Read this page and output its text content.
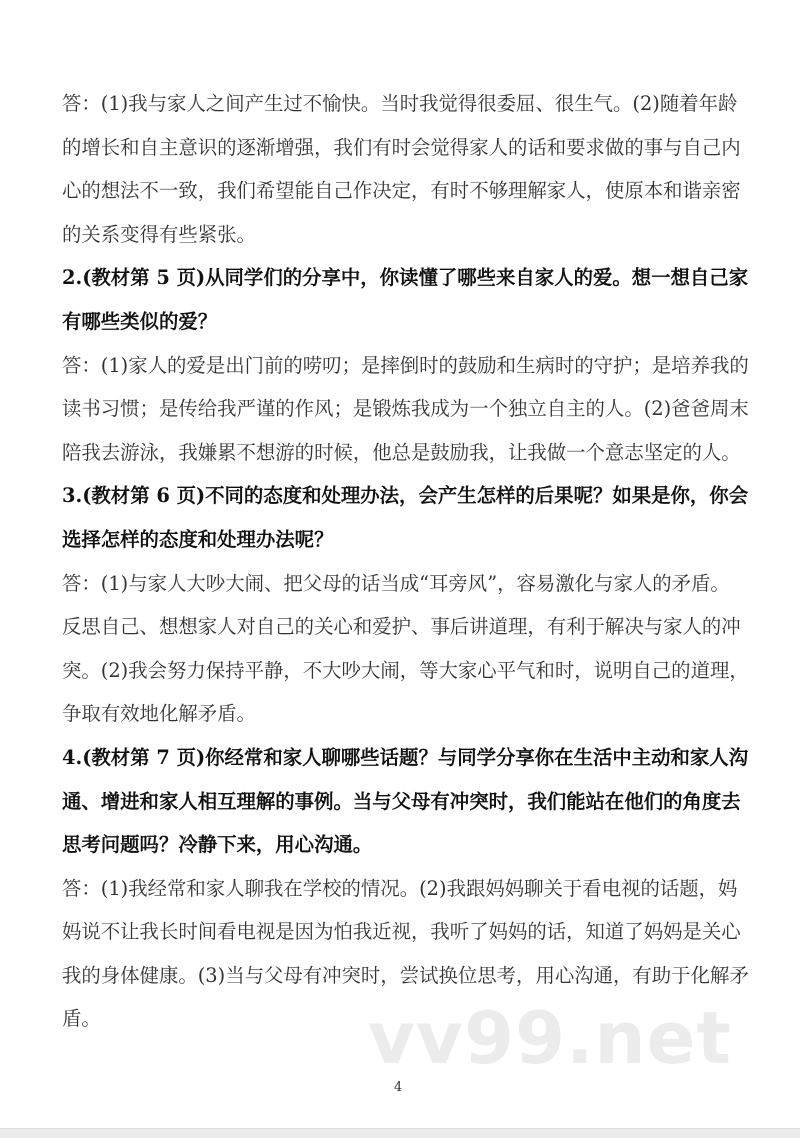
答：(1)我与家人之间产生过不愉快。当时我觉得很委屈、很生气。(2)随着年龄
的增长和自主意识的逐渐增强，我们有时会觉得家人的话和要求做的事与自己内
心的想法不一致，我们希望能自己作决定，有时不够理解家人，使原本和谐亲密
的关系变得有些紧张。
2.(教材第 5 页)从同学们的分享中，你读懂了哪些来自家人的爱。想一想自己家
有哪些类似的爱？
答：(1)家人的爱是出门前的唠叨；是摔倒时的鼓励和生病时的守护；是培养我的
读书习惯；是传给我严谨的作风；是锻炼我成为一个独立自主的人。(2)爸爸周末
陪我去游泳，我嫌累不想游的时候，他总是鼓励我，让我做一个意志坚定的人。
3.(教材第 6 页)不同的态度和处理办法，会产生怎样的后果呢？如果是你，你会
选择怎样的态度和处理办法呢？
答：(1)与家人大吵大闹、把父母的话当成“耳旁风”，容易激化与家人的矛盾。
反思自己、想想家人对自己的关心和爱护、事后讲道理，有利于解决与家人的冲
突。(2)我会努力保持平静，不大吵大闹，等大家心平气和时，说明自己的道理，
争取有效地化解矛盾。
4.(教材第 7 页)你经常和家人聊哪些话题？与同学分享你在生活中主动和家人沟
通、增进和家人相互理解的事例。当与父母有冲突时，我们能站在他们的角度去
思考问题吗？冷静下来，用心沟通。
答：(1)我经常和家人聊我在学校的情况。(2)我跟妈妈聊关于看电视的话题，妈
妈说不让我长时间看电视是因为怕我近视，我听了妈妈的话，知道了妈妈是关心
我的身体健康。(3)当与父母有冲突时，尝试换位思考，用心沟通，有助于化解矛
盾。	vv99.net
4
